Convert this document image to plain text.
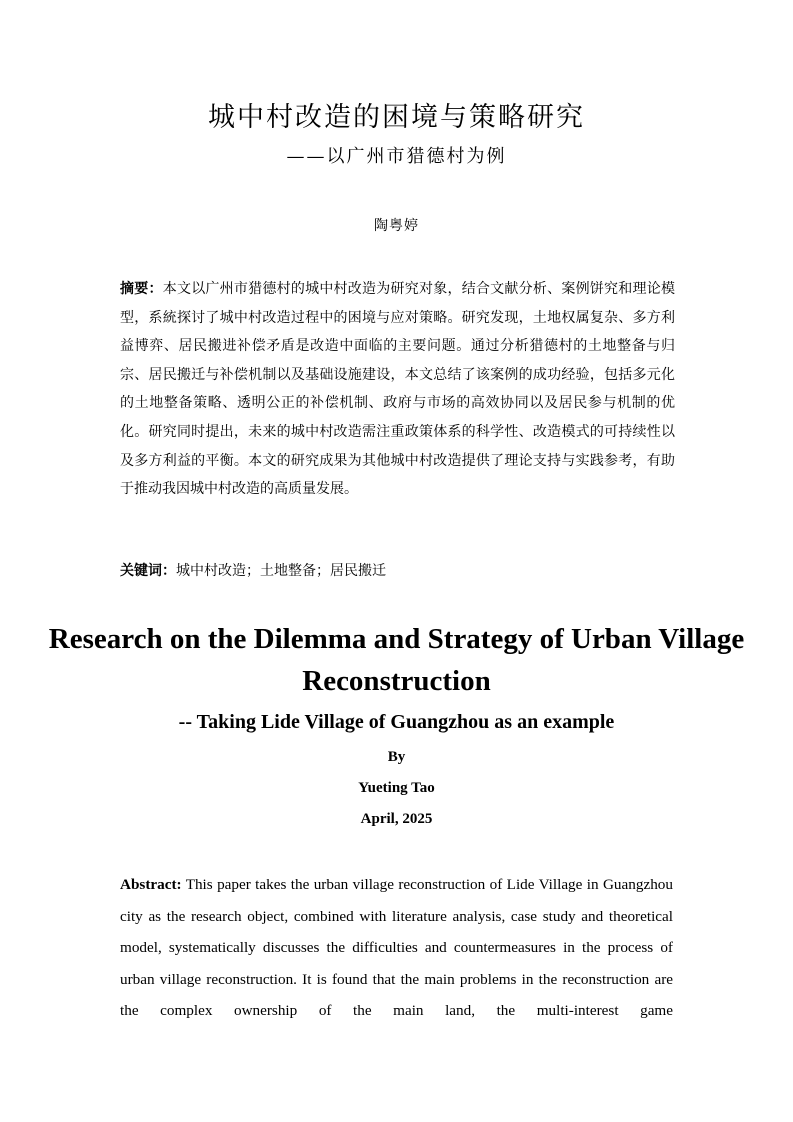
城中村改造的困境与策略研究
——以广州市猎德村为例
陶粤婷
摘要：本文以广州市猎德村的城中村改造为研究对象，结合文献分析、案例饼究和理论模型，系統探讨了城中村改造过程中的困境与应对策略。研究发现，土地权属复杂、多方利益博弈、居民搬进补偿矛盾是改造中面临的主要问题。通过分析猎德村的土地整备与归宗、居民搬迁与补偿机制以及基础设施建设，本文总结了该案例的成功经验，包括多元化的土地整备策略、透明公正的补偿机制、政府与市场的高效协同以及居民参与机制的优化。研究同时提出，未来的城中村改造需注重政策体系的科学性、改造模式的可持续性以及多方利益的平衡。本文的研究成果为其他城中村改造提供了理论支持与实践参考，有助于推动我因城中村改造的高质量发展。
关键词：城中村改造；土地整备；居民搬迁
Research on the Dilemma and Strategy of Urban Village Reconstruction
-- Taking Lide Village of Guangzhou as an example
By
Yueting Tao
April, 2025
Abstract: This paper takes the urban village reconstruction of Lide Village in Guangzhou city as the research object, combined with literature analysis, case study and theoretical model, systematically discusses the difficulties and countermeasures in the process of urban village reconstruction. It is found that the main problems in the reconstruction are the complex ownership of the main land, the multi-interest game
